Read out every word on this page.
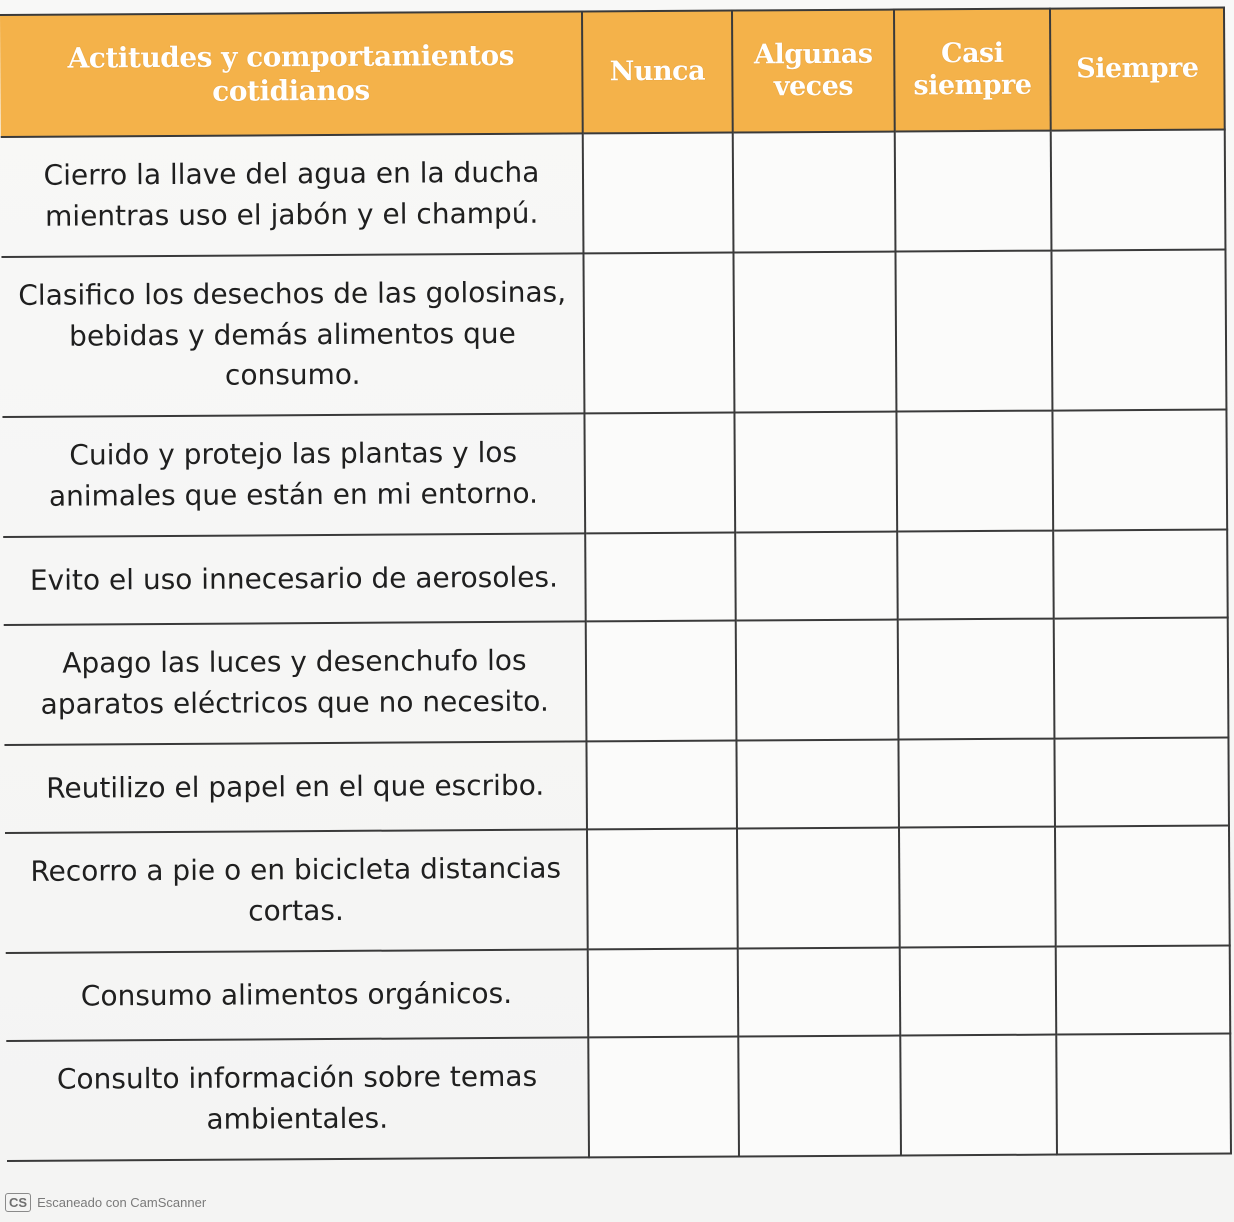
Actitudes y comportamientos cotidianos	Nunca	Algunas veces	Casi siempre	Siempre
Cierro la llave del agua en la ducha mientras uso el jabón y el champú.				
Clasifico los desechos de las golosinas, bebidas y demás alimentos que consumo.				
Cuido y protejo las plantas y los animales que están en mi entorno.				
Evito el uso innecesario de aerosoles.				
Apago las luces y desenchufo los aparatos eléctricos que no necesito.				
Reutilizo el papel en el que escribo.				
Recorro a pie o en bicicleta distancias cortas.				
Consumo alimentos orgánicos.				
Consulto información sobre temas ambientales.				
CS Escaneado con CamScanner
